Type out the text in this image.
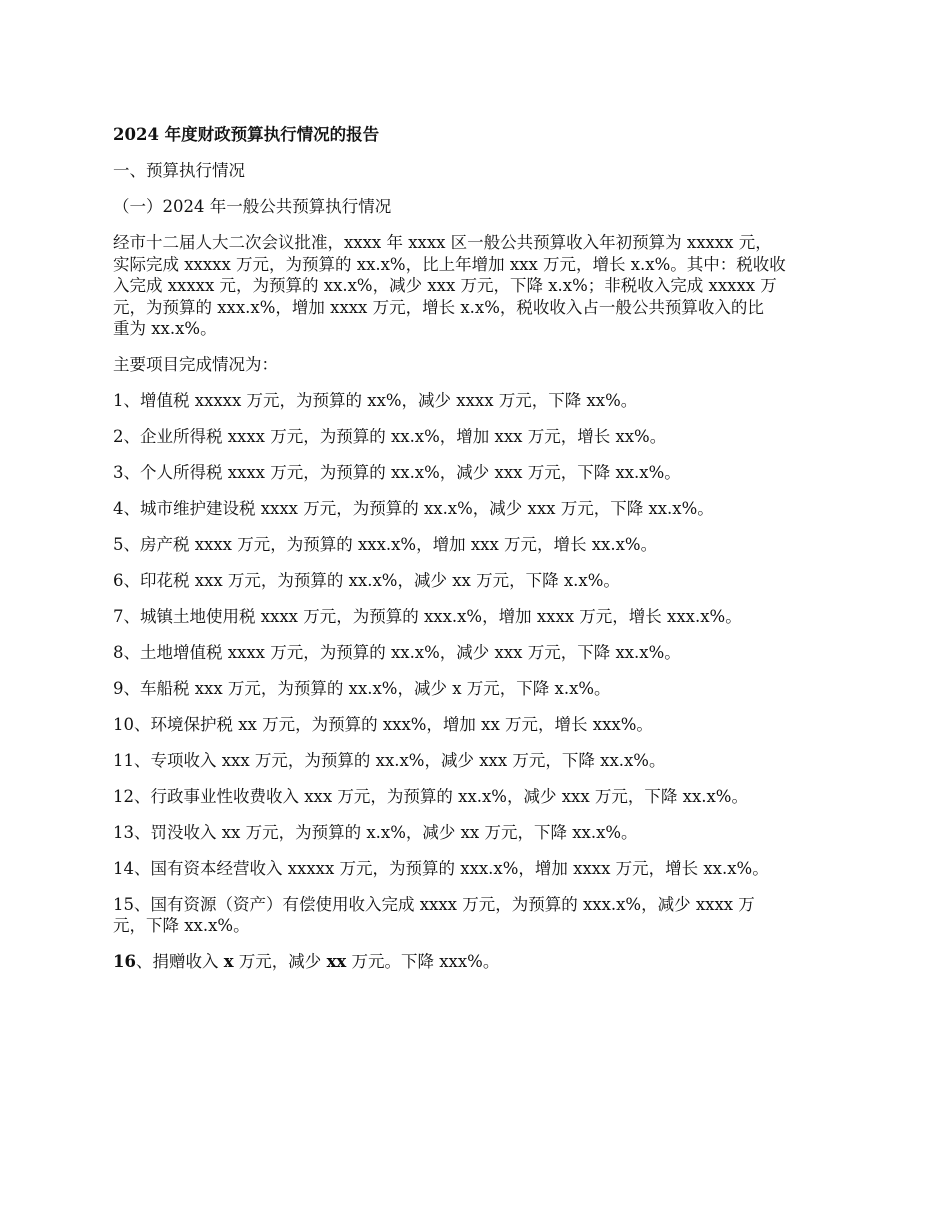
2024 年度财政预算执行情况的报告
一、预算执行情况
（一）2024 年一般公共预算执行情况
经市十二届人大二次会议批准，xxxx 年 xxxx 区一般公共预算收入年初预算为 xxxxx 元，
实际完成 xxxxx 万元，为预算的 xx.x%，比上年增加 xxx 万元，增长 x.x%。其中：税收收
入完成 xxxxx 元，为预算的 xx.x%，减少 xxx 万元，下降 x.x%；非税收入完成 xxxxx 万
元，为预算的 xxx.x%，增加 xxxx 万元，增长 x.x%，税收收入占一般公共预算收入的比
重为 xx.x%。
主要项目完成情况为：
1、增值税 xxxxx 万元，为预算的 xx%，减少 xxxx 万元，下降 xx%。
2、企业所得税 xxxx 万元，为预算的 xx.x%，增加 xxx 万元，增长 xx%。
3、个人所得税 xxxx 万元，为预算的 xx.x%，减少 xxx 万元，下降 xx.x%。
4、城市维护建设税 xxxx 万元，为预算的 xx.x%，减少 xxx 万元，下降 xx.x%。
5、房产税 xxxx 万元，为预算的 xxx.x%，增加 xxx 万元，增长 xx.x%。
6、印花税 xxx 万元，为预算的 xx.x%，减少 xx 万元，下降 x.x%。
7、城镇土地使用税 xxxx 万元，为预算的 xxx.x%，增加 xxxx 万元，增长 xxx.x%。
8、土地增值税 xxxx 万元，为预算的 xx.x%，减少 xxx 万元，下降 xx.x%。
9、车船税 xxx 万元，为预算的 xx.x%，减少 x 万元，下降 x.x%。
10、环境保护税 xx 万元，为预算的 xxx%，增加 xx 万元，增长 xxx%。
11、专项收入 xxx 万元，为预算的 xx.x%，减少 xxx 万元，下降 xx.x%。
12、行政事业性收费收入 xxx 万元，为预算的 xx.x%，减少 xxx 万元，下降 xx.x%。
13、罚没收入 xx 万元，为预算的 x.x%，减少 xx 万元，下降 xx.x%。
14、国有资本经营收入 xxxxx 万元，为预算的 xxx.x%，增加 xxxx 万元，增长 xx.x%。
15、国有资源（资产）有偿使用收入完成 xxxx 万元，为预算的 xxx.x%，减少 xxxx 万
元，下降 xx.x%。
16、捐赠收入 x 万元，减少 xx 万元。下降 xxx%。
